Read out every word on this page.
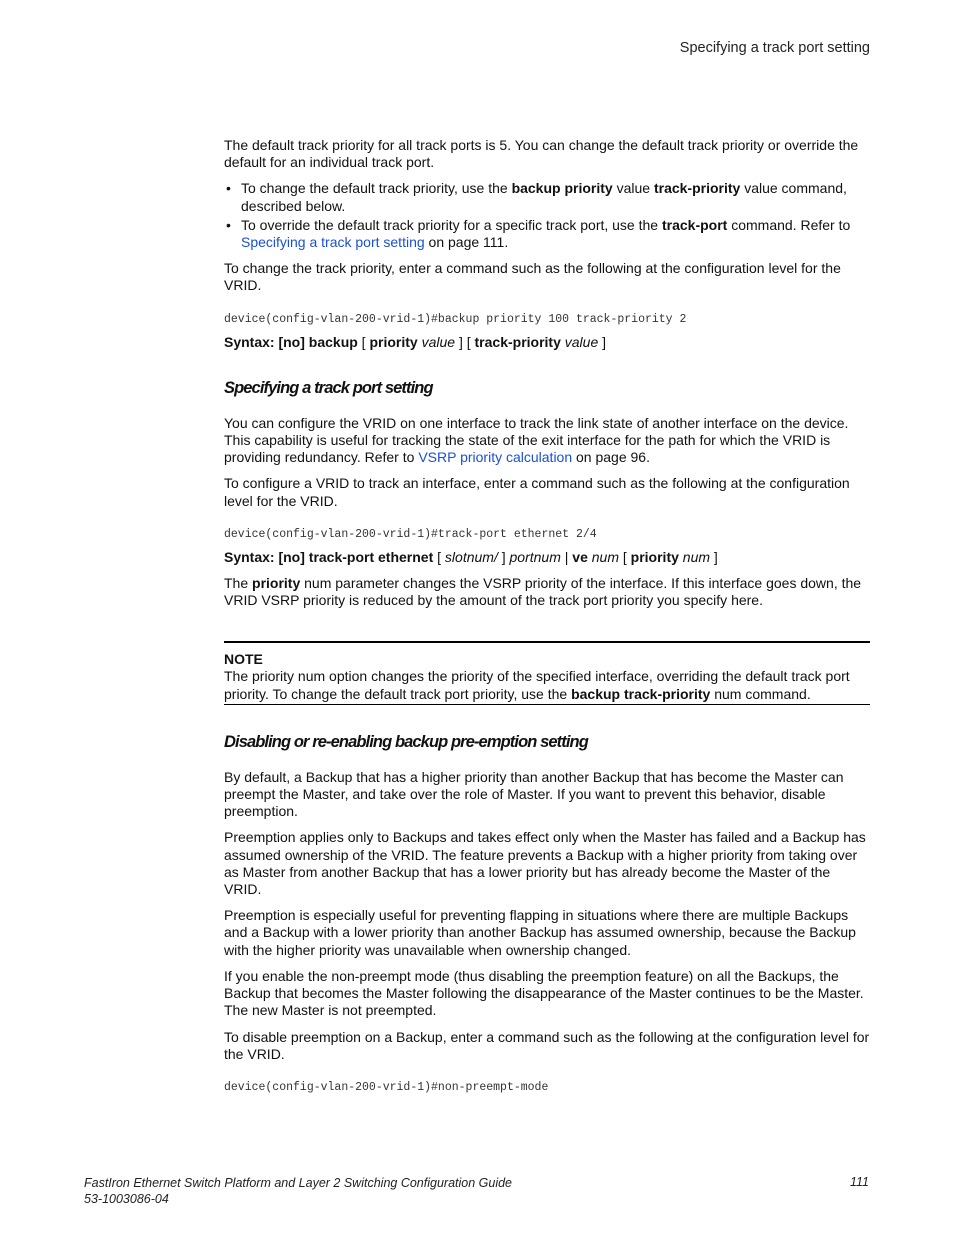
Specifying a track port setting

The default track priority for all track ports is 5. You can change the default track priority or override the default for an individual track port.

• To change the default track priority, use the backup priority value track-priority value command, described below.
• To override the default track priority for a specific track port, use the track-port command. Refer to Specifying a track port setting on page 111.

To change the track priority, enter a command such as the following at the configuration level for the VRID.

device(config-vlan-200-vrid-1)#backup priority 100 track-priority 2
Syntax: [no] backup [ priority value ] [ track-priority value ]
Specifying a track port setting

You can configure the VRID on one interface to track the link state of another interface on the device. This capability is useful for tracking the state of the exit interface for the path for which the VRID is providing redundancy. Refer to VSRP priority calculation on page 96.

To configure a VRID to track an interface, enter a command such as the following at the configuration level for the VRID.

device(config-vlan-200-vrid-1)#track-port ethernet 2/4
Syntax: [no] track-port ethernet [ slotnum/ ] portnum | ve num [ priority num ]

The priority num parameter changes the VSRP priority of the interface. If this interface goes down, the VRID VSRP priority is reduced by the amount of the track port priority you specify here.

NOTE

The priority num option changes the priority of the specified interface, overriding the default track port priority. To change the default track port priority, use the backup track-priority num command.

Disabling or re-enabling backup pre-emption setting

By default, a Backup that has a higher priority than another Backup that has become the Master can preempt the Master, and take over the role of Master. If you want to prevent this behavior, disable preemption.

Preemption applies only to Backups and takes effect only when the Master has failed and a Backup has assumed ownership of the VRID. The feature prevents a Backup with a higher priority from taking over as Master from another Backup that has a lower priority but has already become the Master of the VRID.

Preemption is especially useful for preventing flapping in situations where there are multiple Backups and a Backup with a lower priority than another Backup has assumed ownership, because the Backup with the higher priority was unavailable when ownership changed.

If you enable the non-preempt mode (thus disabling the preemption feature) on all the Backups, the Backup that becomes the Master following the disappearance of the Master continues to be the Master. The new Master is not preempted.

To disable preemption on a Backup, enter a command such as the following at the configuration level for the VRID.

device(config-vlan-200-vrid-1)#non-preempt-mode
FastIron Ethernet Switch Platform and Layer 2 Switching Configuration Guide
53-1003086-04
111
